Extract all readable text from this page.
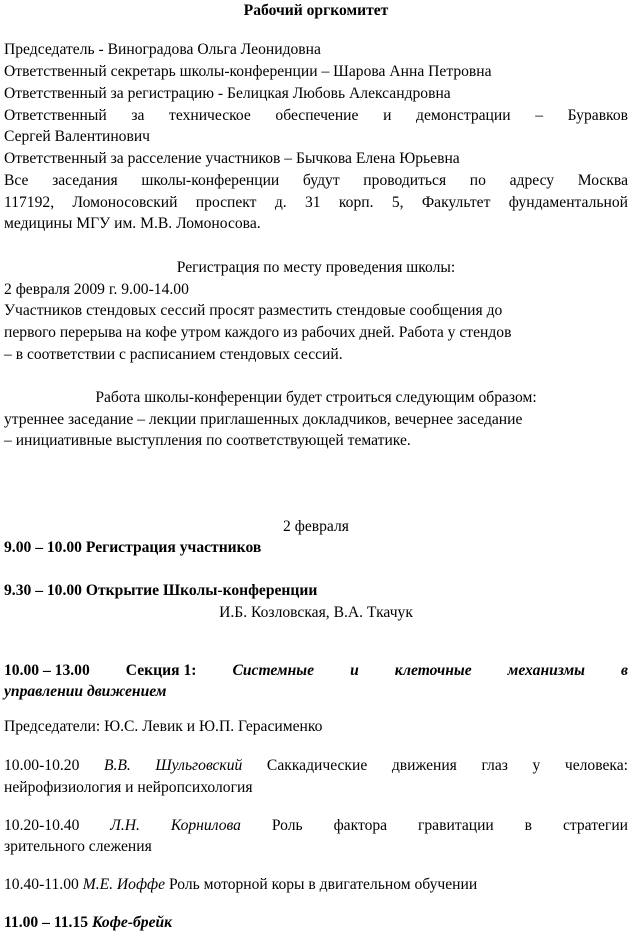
Рабочий оргкомитет
Председатель - Виноградова Ольга Леонидовна
Ответственный секретарь школы-конференции – Шарова Анна Петровна
Ответственный за регистрацию - Белицкая Любовь Александровна
Ответственный за техническое обеспечение и демонстрации – Буравков
Сергей Валентинович
Ответственный за расселение участников – Бычкова Елена Юрьевна
Все заседания школы-конференции будут проводиться по адресу Москва
117192, Ломоносовский проспект д. 31 корп. 5, Факультет фундаментальной
медицины МГУ им. М.В. Ломоносова.
Регистрация по месту проведения школы:
2 февраля 2009 г. 9.00-14.00
Участников стендовых сессий просят разместить стендовые сообщения до
первого перерыва на кофе утром каждого из рабочих дней. Работа у стендов
– в соответствии с расписанием стендовых сессий.
Работа школы-конференции будет строиться следующим образом:
утреннее заседание – лекции приглашенных докладчиков, вечернее заседание
– инициативные выступления по соответствующей тематике.
2 февраля
9.00 – 10.00 Регистрация участников
9.30 – 10.00 Открытие Школы-конференции
И.Б. Козловская, В.А. Ткачук
10.00 – 13.00 Секция 1: Системные и клеточные механизмы в
управлении движением
Председатели: Ю.С. Левик и Ю.П. Герасименко
10.00-10.20 В.В. Шульговский Саккадические движения глаз у человека:
нейрофизиология и нейропсихология
10.20-10.40 Л.Н. Корнилова Роль фактора гравитации в стратегии
зрительного слежения
10.40-11.00 М.Е. Иоффе Роль моторной коры в двигательном обучении
11.00 – 11.15 Кофе-брейк
